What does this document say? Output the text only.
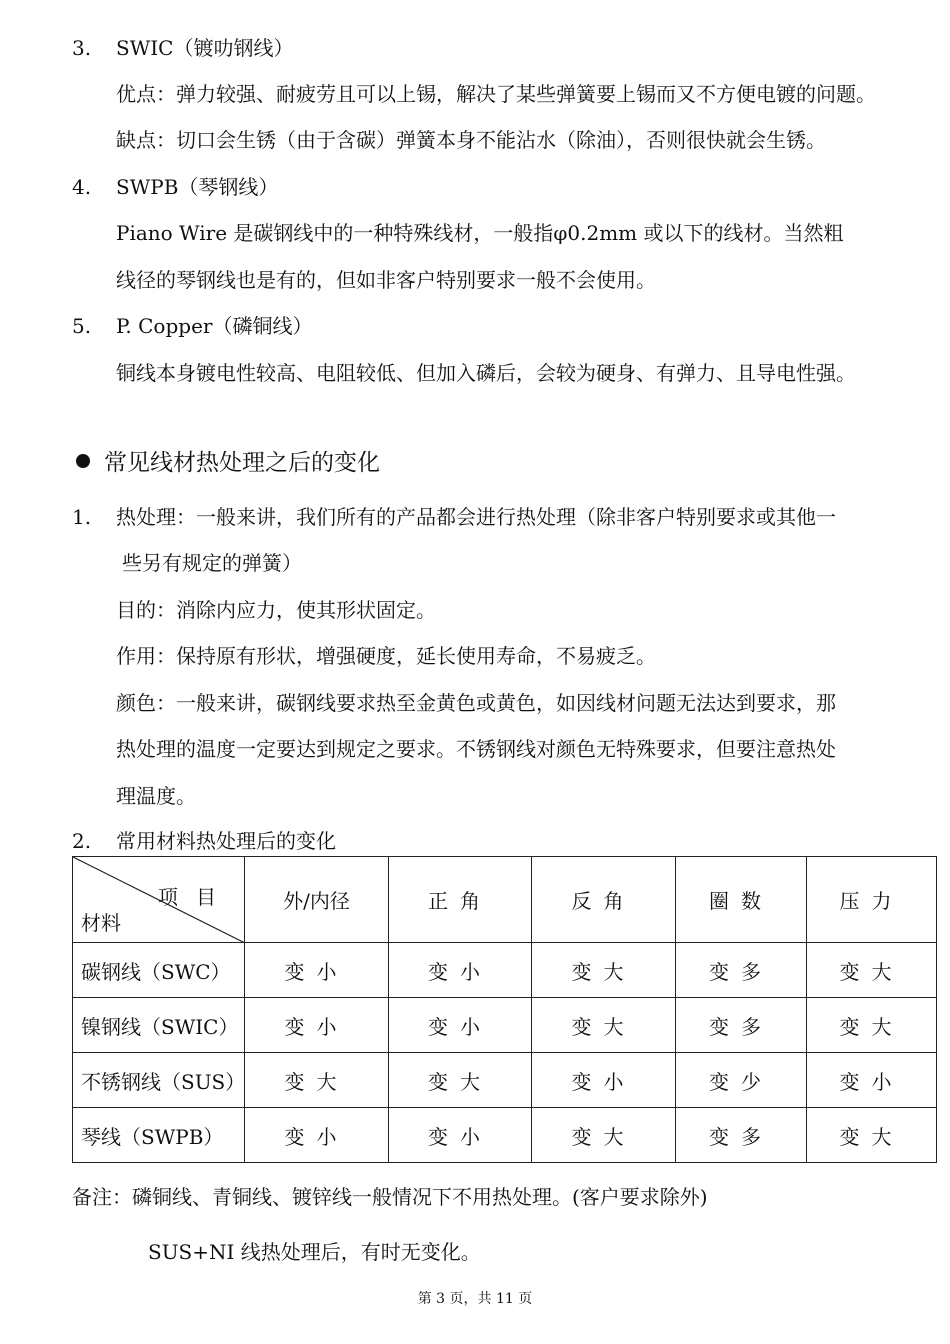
3. SWIC（镀叻钢线）
优点：弹力较强、耐疲劳且可以上锡，解决了某些弹簧要上锡而又不方便电镀的问题。
缺点：切口会生锈（由于含碳）弹簧本身不能沾水（除油），否则很快就会生锈。
4. SWPB（琴钢线）
Piano Wire 是碳钢线中的一种特殊线材，一般指φ0.2mm 或以下的线材。当然粗
线径的琴钢线也是有的，但如非客户特别要求一般不会使用。
5. P. Copper（磷铜线）
铜线本身镀电性较高、电阻较低、但加入磷后，会较为硬身、有弹力、且导电性强。
常见线材热处理之后的变化
1. 热处理：一般来讲，我们所有的产品都会进行热处理（除非客户特别要求或其他一
些另有规定的弹簧）
目的：消除内应力，使其形状固定。
作用：保持原有形状，增强硬度，延长使用寿命，不易疲乏。
颜色：一般来讲，碳钢线要求热至金黄色或黄色，如因线材问题无法达到要求，那
热处理的温度一定要达到规定之要求。不锈钢线对颜色无特殊要求，但要注意热处
理温度。
2. 常用材料热处理后的变化
项目
材料	外/内径	正角	反角	圈数	压力
碳钢线（SWC）	变小	变小	变大	变多	变大
镍钢线（SWIC）	变小	变小	变大	变多	变大
不锈钢线（SUS）	变大	变大	变小	变少	变小
琴线（SWPB）	变小	变小	变大	变多	变大
备注：磷铜线、青铜线、镀锌线一般情况下不用热处理。(客户要求除外)
SUS+NI 线热处理后，有时无变化。
第 3 页，共 11 页
